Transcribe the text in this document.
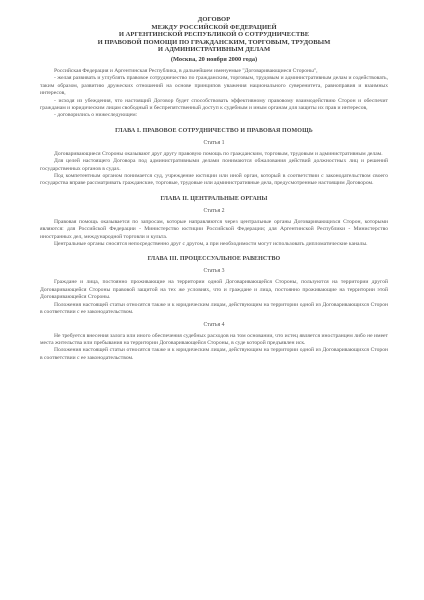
ДОГОВОР
МЕЖДУ РОССИЙСКОЙ ФЕДЕРАЦИЕЙ
И АРГЕНТИНСКОЙ РЕСПУБЛИКОЙ О СОТРУДНИЧЕСТВЕ
И ПРАВОВОЙ ПОМОЩИ ПО ГРАЖДАНСКИМ, ТОРГОВЫМ, ТРУДОВЫМ
И АДМИНИСТРАТИВНЫМ ДЕЛАМ
(Москва, 20 ноября 2000 года)

Российская Федерация и Аргентинская Республика, в дальнейшем именуемые "Договаривающиеся Стороны",

- желая развивать и углублять правовое сотрудничество по гражданским, торговым, трудовым и административным делам и содействовать, таким образом, развитию дружеских отношений на основе принципов уважения национального суверенитета, равноправия и взаимных интересов,

- исходя из убеждения, что настоящий Договор будет способствовать эффективному правовому взаимодействию Сторон и обеспечит гражданам и юридическим лицам свободный и беспрепятственный доступ к судебным и иным органам для защиты их прав и интересов,

- договорились о нижеследующем:

ГЛАВА I. ПРАВОВОЕ СОТРУДНИЧЕСТВО И ПРАВОВАЯ ПОМОЩЬ
Статья 1

Договаривающиеся Стороны оказывают друг другу правовую помощь по гражданским, торговым, трудовым и административным делам.

Для целей настоящего Договора под административными делами понимаются обжалования действий должностных лиц и решений государственных органов в судах.

Под компетентным органом понимается суд, учреждение юстиции или иной орган, который в соответствии с законодательством своего государства вправе рассматривать гражданские, торговые, трудовые или административные дела, предусмотренные настоящим Договором.

ГЛАВА II. ЦЕНТРАЛЬНЫЕ ОРГАНЫ
Статья 2

Правовая помощь оказывается по запросам, которые направляются через центральные органы Договаривающихся Сторон, которыми являются: для Российской Федерации - Министерство юстиции Российской Федерации; для Аргентинской Республики - Министерство иностранных дел, международной торговли и культа.

Центральные органы сносятся непосредственно друг с другом, а при необходимости могут использовать дипломатические каналы.

ГЛАВА III. ПРОЦЕССУАЛЬНОЕ РАВЕНСТВО
Статья 3

Граждане и лица, постоянно проживающие на территории одной Договаривающейся Стороны, пользуются на территории другой Договаривающейся Стороны правовой защитой на тех же условиях, что и граждане и лица, постоянно проживающие на территории этой Договаривающейся Стороны.

Положения настоящей статьи относятся также и к юридическим лицам, действующим на территории одной из Договаривающихся Сторон в соответствии с ее законодательством.

Статья 4

Не требуется внесения залога или иного обеспечения судебных расходов на том основании, что истец является иностранцем либо не имеет места жительства или пребывания на территории Договаривающейся Стороны, в суде которой предъявлен иск.

Положения настоящей статьи относятся также и к юридическим лицам, действующим на территории одной из Договаривающихся Сторон в соответствии с ее законодательством.
